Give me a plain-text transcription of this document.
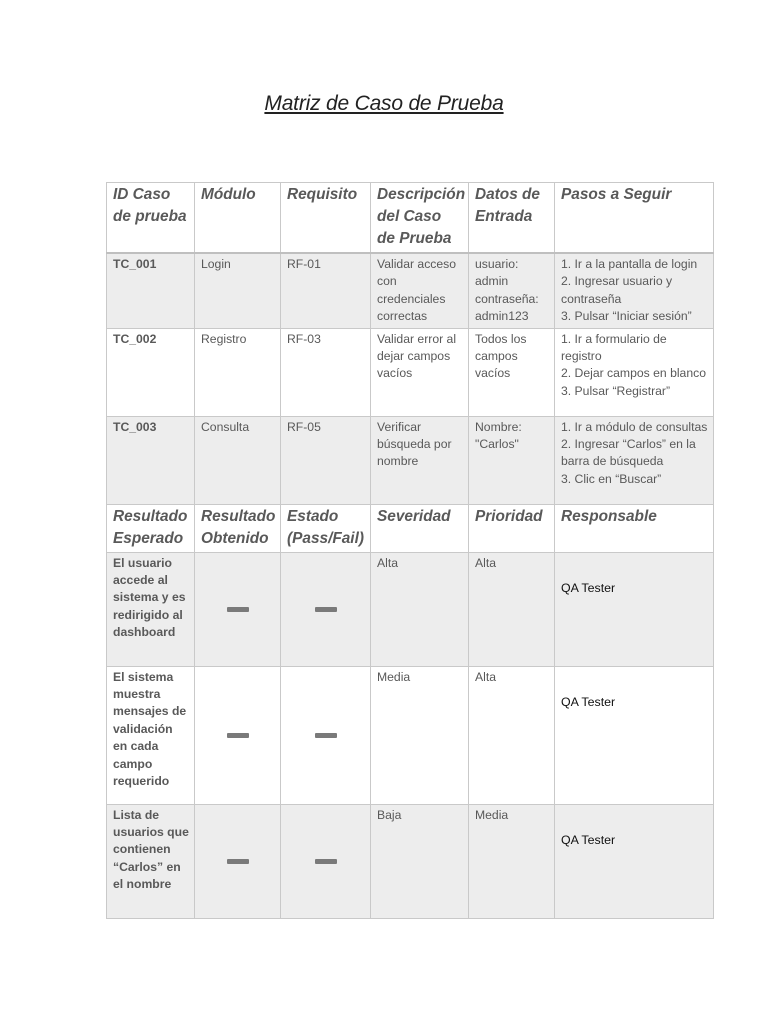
Matriz de Caso de Prueba
ID Caso de prueba	Módulo	Requisito	Descripción del Caso de Prueba	Datos de Entrada	Pasos a Seguir
TC_001	Login	RF-01	Validar acceso con credenciales correctas	usuario: admin contraseña: admin123	1. Ir a la pantalla de login
2. Ingresar usuario y contraseña
3. Pulsar “Iniciar sesión”

TC_002	Registro	RF-03	Validar error al dejar campos vacíos	Todos los campos vacíos	1. Ir a formulario de registro
2. Dejar campos en blanco
3. Pulsar “Registrar”

TC_003	Consulta	RF-05	Verificar búsqueda por nombre	Nombre: "Carlos"	1. Ir a módulo de consultas
2. Ingresar “Carlos” en la barra de búsqueda
3. Clic en “Buscar”

Resultado Esperado	Resultado Obtenido	Estado (Pass/Fail)	Severidad	Prioridad	Responsable
El usuario accede al sistema y es redirigido al dashboard			Alta	Alta	QA Tester

El sistema muestra mensajes de validación en cada campo requerido			Media	Alta	QA Tester

Lista de usuarios que contienen “Carlos” en el nombre			Baja	Media	QA Tester
